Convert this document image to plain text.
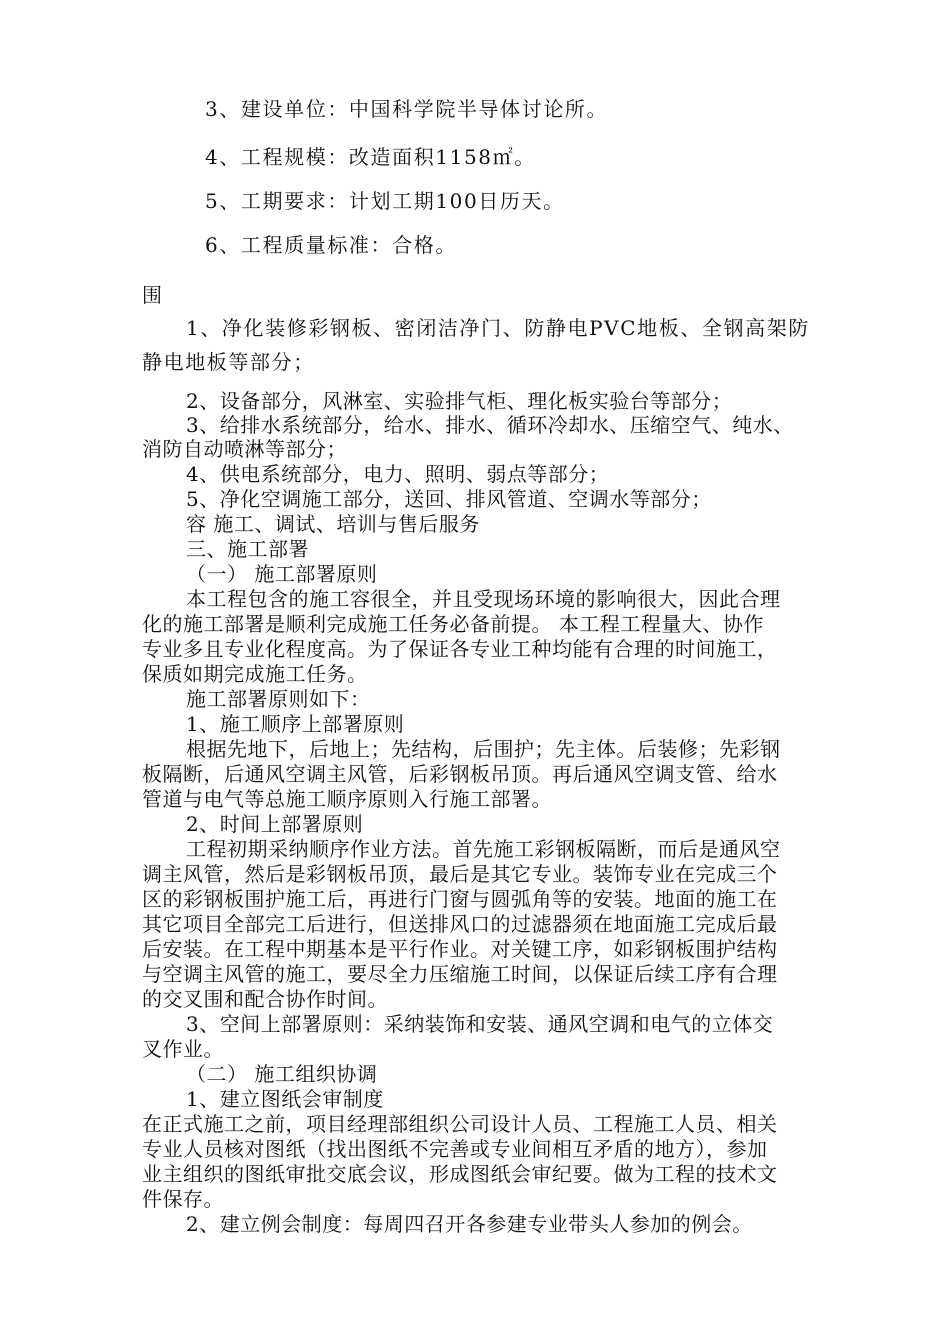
3、建设单位：中国科学院半导体讨论所。

4、工程规模：改造面积1158㎡。

5、工期要求：计划工期100日历天。

6、工程质量标准：合格。

围

1、净化装修彩钢板、密闭洁净门、防静电PVC地板、全钢高架防

静电地板等部分；

2、设备部分，风淋室、实验排气柜、理化板实验台等部分；

3、给排水系统部分，给水、排水、循环冷却水、压缩空气、纯水、

消防自动喷淋等部分；

4、供电系统部分，电力、照明、弱点等部分；

5、净化空调施工部分，送回、排风管道、空调水等部分；

容 施工、调试、培训与售后服务

三、施工部署

（一） 施工部署原则

本工程包含的施工容很全，并且受现场环境的影响很大，因此合理

化的施工部署是顺利完成施工任务必备前提。 本工程工程量大、协作

专业多且专业化程度高。为了保证各专业工种均能有合理的时间施工，

保质如期完成施工任务。

施工部署原则如下：

1、施工顺序上部署原则

根据先地下，后地上；先结构，后围护；先主体。后装修；先彩钢

板隔断，后通风空调主风管，后彩钢板吊顶。再后通风空调支管、给水

管道与电气等总施工顺序原则入行施工部署。

2、时间上部署原则

工程初期采纳顺序作业方法。首先施工彩钢板隔断，而后是通风空

调主风管，然后是彩钢板吊顶，最后是其它专业。装饰专业在完成三个

区的彩钢板围护施工后，再进行门窗与圆弧角等的安装。地面的施工在

其它项目全部完工后进行，但送排风口的过滤器须在地面施工完成后最

后安装。在工程中期基本是平行作业。对关键工序，如彩钢板围护结构

与空调主风管的施工，要尽全力压缩施工时间，以保证后续工序有合理

的交叉围和配合协作时间。

3、空间上部署原则：采纳装饰和安装、通风空调和电气的立体交

叉作业。

（二） 施工组织协调

1、建立图纸会审制度

在正式施工之前，项目经理部组织公司设计人员、工程施工人员、相关

专业人员核对图纸（找出图纸不完善或专业间相互矛盾的地方），参加

业主组织的图纸审批交底会议，形成图纸会审纪要。做为工程的技术文

件保存。

2、建立例会制度：每周四召开各参建专业带头人参加的例会。
